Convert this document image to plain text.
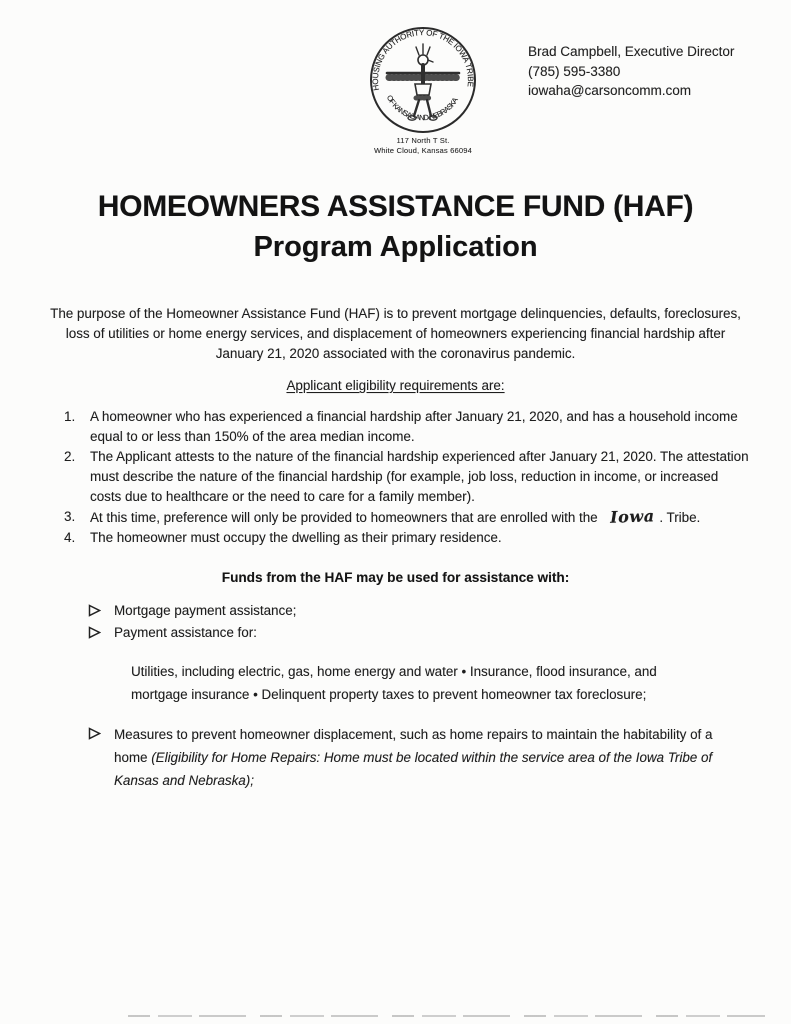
HOUSING AUTHORITY OF THE IOWA TRIBE
OF KANSAS AND NEBRASKA
117 North T St.
White Cloud, Kansas 66094
Brad Campbell, Executive Director
(785) 595-3380
iowaha@carsoncomm.com
HOMEOWNERS ASSISTANCE FUND (HAF)
Program Application

The purpose of the Homeowner Assistance Fund (HAF) is to prevent mortgage delinquencies, defaults, foreclosures, loss of utilities or home energy services, and displacement of homeowners experiencing financial hardship after January 21, 2020 associated with the coronavirus pandemic.

Applicant eligibility requirements are:
1.	A homeowner who has experienced a financial hardship after January 21, 2020, and has a household income equal to or less than 150% of the area median income.
2.	The Applicant attests to the nature of the financial hardship experienced after January 21, 2020. The attestation must describe the nature of the financial hardship (for example, job loss, reduction in income, or increased costs due to healthcare or the need to care for a family member).
3.	At this time, preference will only be provided to homeowners that are enrolled with the Iowa . Tribe.
4.	The homeowner must occupy the dwelling as their primary residence.
Funds from the HAF may be used for assistance with:
Mortgage payment assistance;
Payment assistance for:

Utilities, including electric, gas, home energy and water • Insurance, flood insurance, and mortgage insurance • Delinquent property taxes to prevent homeowner tax foreclosure;

Measures to prevent homeowner displacement, such as home repairs to maintain the habitability of a home (Eligibility for Home Repairs: Home must be located within the service area of the Iowa Tribe of Kansas and Nebraska);
